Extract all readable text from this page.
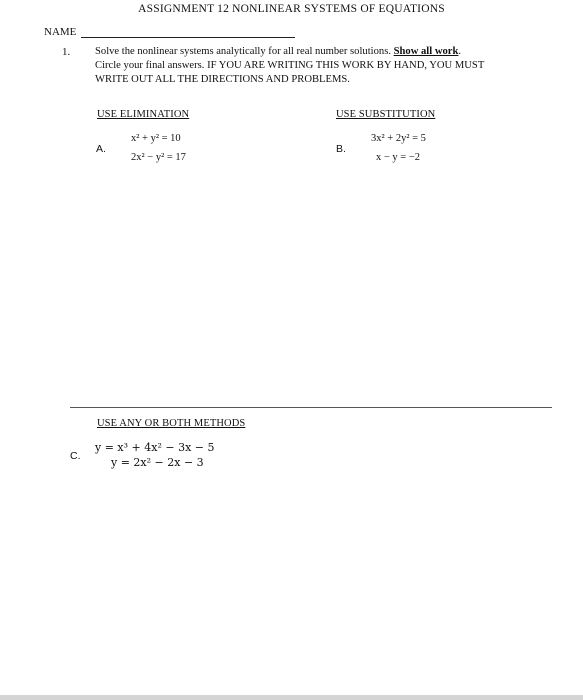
ASSIGNMENT 12 NONLINEAR SYSTEMS OF EQUATIONS
NAME
1. Solve the nonlinear systems analytically for all real number solutions. Show all work.
Circle your final answers. IF YOU ARE WRITING THIS WORK BY HAND, YOU MUST
WRITE OUT ALL THE DIRECTIONS AND PROBLEMS.
USE ELIMINATION
A.
x² + y² = 10
2x² − y² = 17
USE SUBSTITUTION
B.
3x² + 2y² = 5
x − y = −2
USE ANY OR BOTH METHODS
C.
y = x³ + 4x² − 3x − 5
y = 2x² − 2x − 3
